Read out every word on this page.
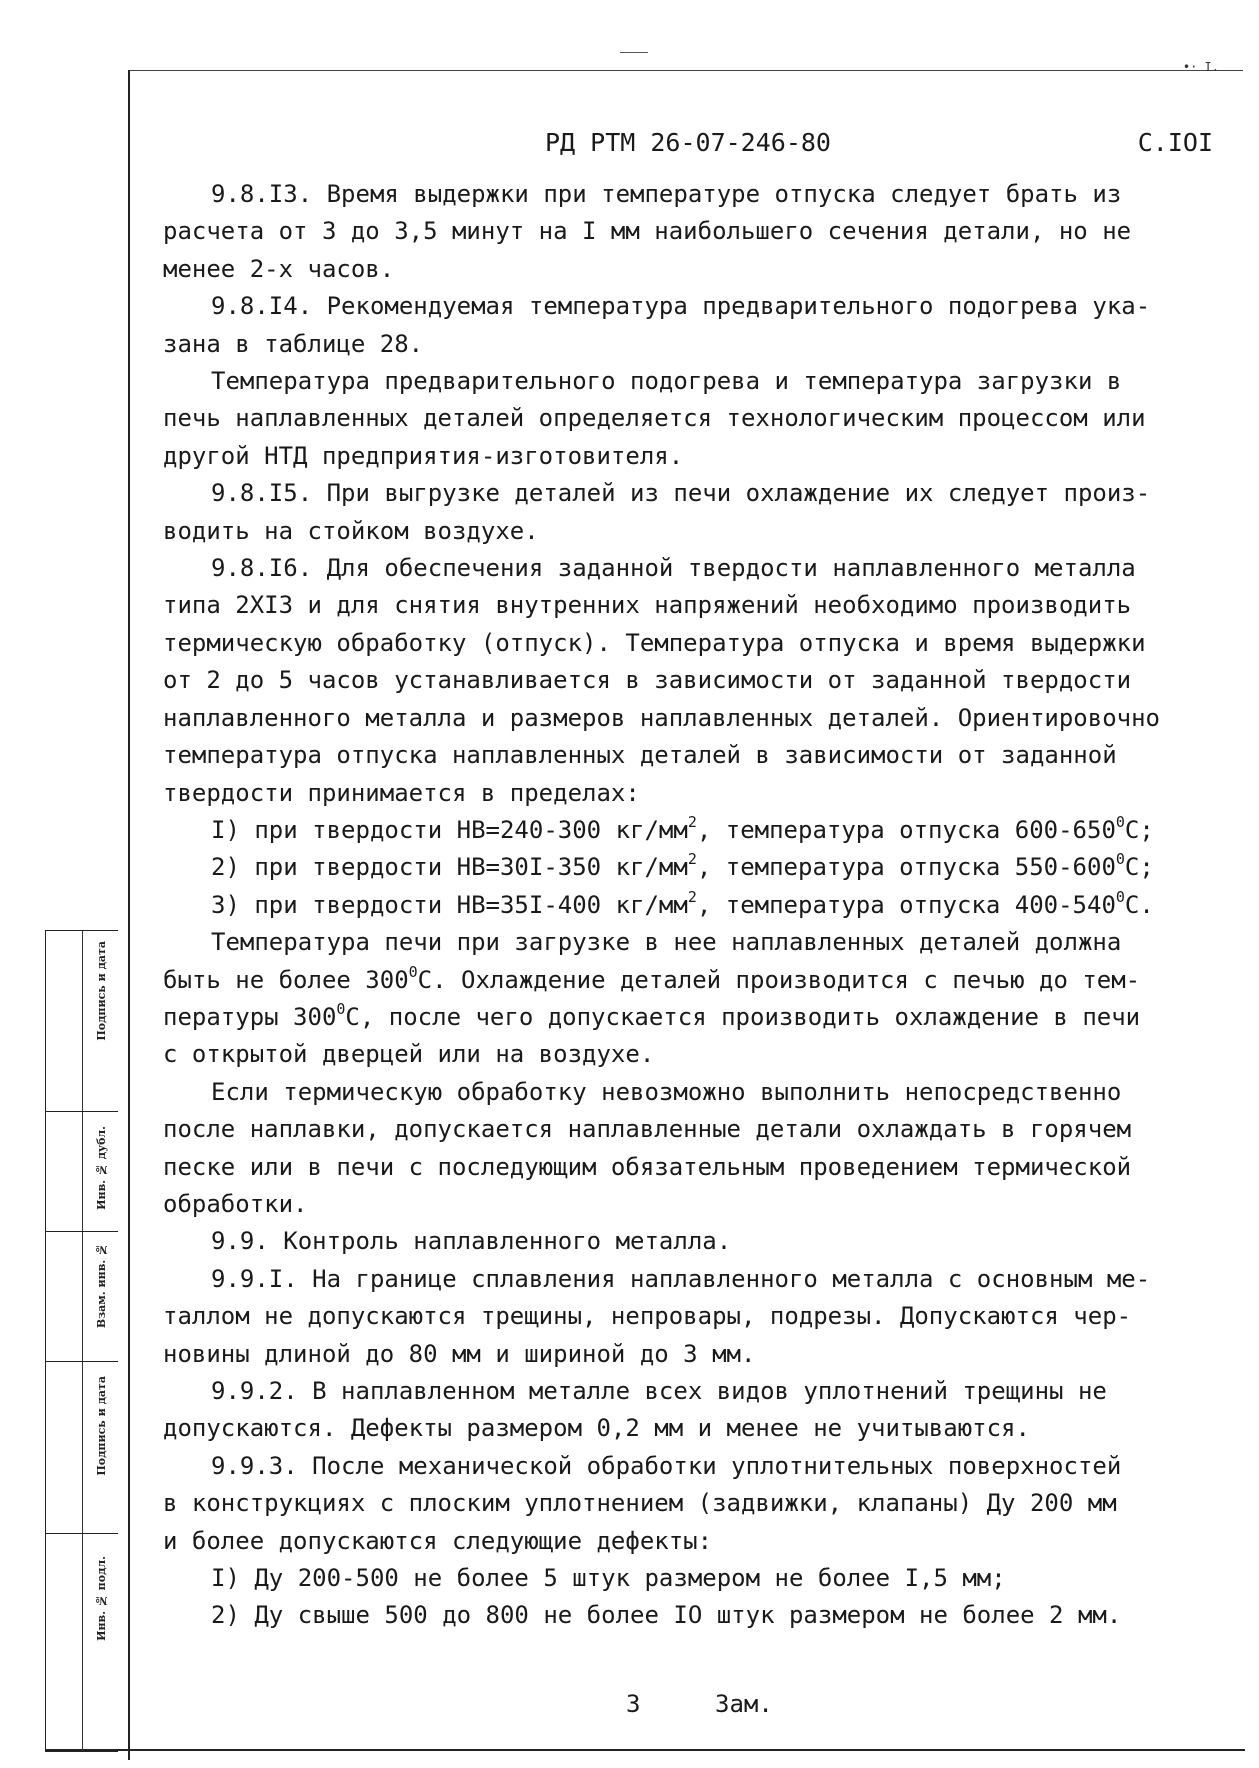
•· I.
Подпись и дата
Инв. № дубл.
Взам. инв. №
Подпись и дата
Инв. № подл.
РД РТМ 26-07-246-80	С.IОI
9.8.I3. Время выдержки при температуре отпуска следует брать из
расчета от 3 до 3,5 минут на I мм наибольшего сечения детали, но не
менее 2-х часов.
9.8.I4. Рекомендуемая температура предварительного подогрева ука-
зана в таблице 28.
Температура предварительного подогрева и температура загрузки в
печь наплавленных деталей определяется технологическим процессом или
другой НТД предприятия-изготовителя.
9.8.I5. При выгрузке деталей из печи охлаждение их следует произ-
водить на стойком воздухе.
9.8.I6. Для обеспечения заданной твердости наплавленного металла
типа 2ХI3 и для снятия внутренних напряжений необходимо производить
термическую обработку (отпуск). Температура отпуска и время выдержки
от 2 до 5 часов устанавливается в зависимости от заданной твердости
наплавленного металла и размеров наплавленных деталей. Ориентировочно
температура отпуска наплавленных деталей в зависимости от заданной
твердости принимается в пределах:
I) при твердости НВ=240-300 $кг/мм^2$, температура отпуска $600-650^0С$;
2) при твердости НВ=30I-350 $кг/мм^2$, температура отпуска $550-600^0С$;
3) при твердости НВ=35I-400 $кг/мм^2$, температура отпуска $400-540^0С$.
Температура печи при загрузке в нее наплавленных деталей должна
быть не более $300^0С$. Охлаждение деталей производится с печью до тем-
пературы $300^0С$, после чего допускается производить охлаждение в печи
с открытой дверцей или на воздухе.
Если термическую обработку невозможно выполнить непосредственно
после наплавки, допускается наплавленные детали охлаждать в горячем
песке или в печи с последующим обязательным проведением термической
обработки.
9.9. Контроль наплавленного металла.
9.9.I. На границе сплавления наплавленного металла с основным ме-
таллом не допускаются трещины, непровары, подрезы. Допускаются чер-
новины длиной до 80 мм и шириной до 3 мм.
9.9.2. В наплавленном металле всех видов уплотнений трещины не
допускаются. Дефекты размером 0,2 мм и менее не учитываются.
9.9.3. После механической обработки уплотнительных поверхностей
в конструкциях с плоским уплотнением (задвижки, клапаны) Ду 200 мм
и более допускаются следующие дефекты:
I) Ду 200-500 не более 5 штук размером не более I,5 мм;
2) Ду свыше 500 до 800 не более IO штук размером не более 2 мм.
3	Зам.
